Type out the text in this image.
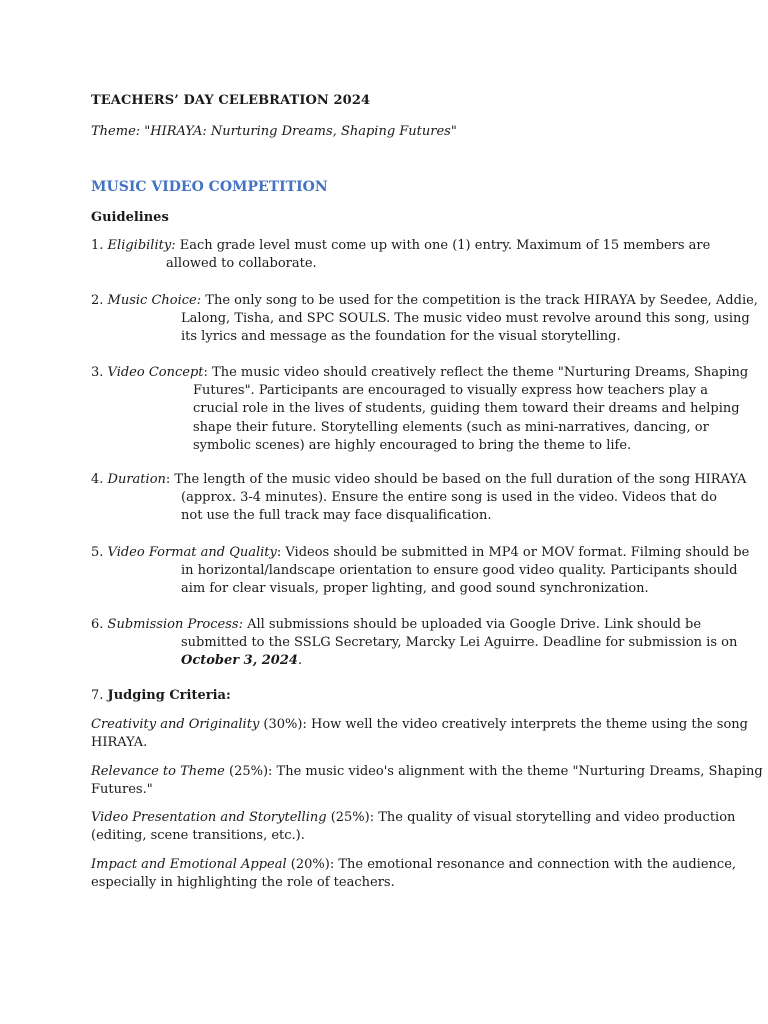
TEACHERS’ DAY CELEBRATION 2024
Theme: "HIRAYA: Nurturing Dreams, Shaping Futures"
MUSIC VIDEO COMPETITION
Guidelines
1. Eligibility: Each grade level must come up with one (1) entry. Maximum of 15 members are
allowed to collaborate.
2. Music Choice: The only song to be used for the competition is the track HIRAYA by Seedee, Addie,
Lalong, Tisha, and SPC SOULS. The music video must revolve around this song, using
its lyrics and message as the foundation for the visual storytelling.
3. Video Concept: The music video should creatively reflect the theme "Nurturing Dreams, Shaping
Futures". Participants are encouraged to visually express how teachers play a
crucial role in the lives of students, guiding them toward their dreams and helping
shape their future. Storytelling elements (such as mini-narratives, dancing, or
symbolic scenes) are highly encouraged to bring the theme to life.
4. Duration: The length of the music video should be based on the full duration of the song HIRAYA
(approx. 3-4 minutes). Ensure the entire song is used in the video. Videos that do
not use the full track may face disqualification.
5. Video Format and Quality: Videos should be submitted in MP4 or MOV format. Filming should be
in horizontal/landscape orientation to ensure good video quality. Participants should
aim for clear visuals, proper lighting, and good sound synchronization.
6. Submission Process: All submissions should be uploaded via Google Drive. Link should be
submitted to the SSLG Secretary, Marcky Lei Aguirre. Deadline for submission is on
October 3, 2024.
7. Judging Criteria:
Creativity and Originality (30%): How well the video creatively interprets the theme using the song
HIRAYA.
Relevance to Theme (25%): The music video's alignment with the theme "Nurturing Dreams, Shaping
Futures."
Video Presentation and Storytelling (25%): The quality of visual storytelling and video production
(editing, scene transitions, etc.).
Impact and Emotional Appeal (20%): The emotional resonance and connection with the audience,
especially in highlighting the role of teachers.
